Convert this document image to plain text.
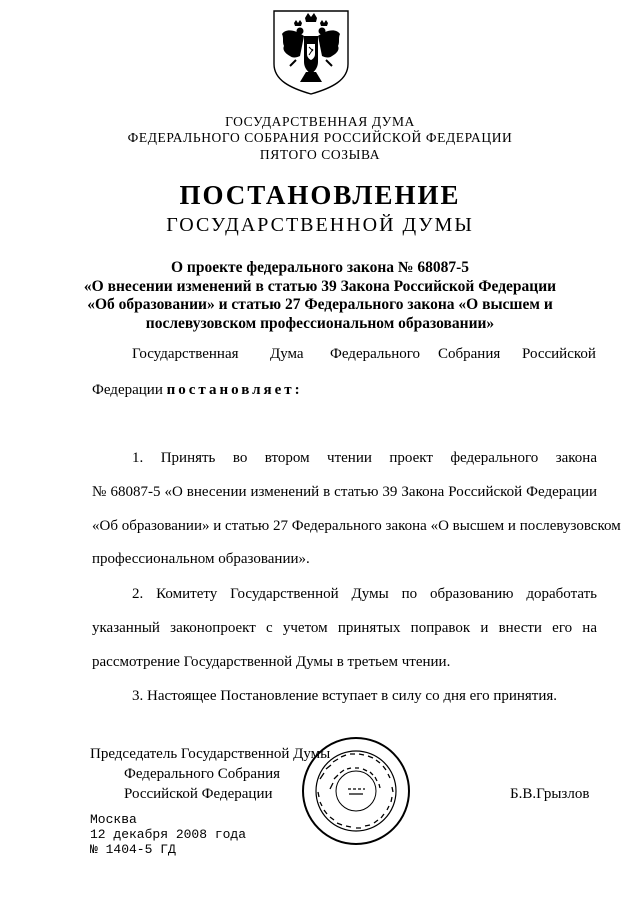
ГОСУДАРСТВЕННАЯ ДУМА
ФЕДЕРАЛЬНОГО СОБРАНИЯ РОССИЙСКОЙ ФЕДЕРАЦИИ
ПЯТОГО СОЗЫВА
ПОСТАНОВЛЕНИЕ
ГОСУДАРСТВЕННОЙ ДУМЫ
О проекте федерального закона № 68087-5
«О внесении изменений в статью 39 Закона Российской Федерации
«Об образовании» и статью 27 Федерального закона «О высшем и
послевузовском профессиональном образовании»
Государственная Дума Федерального Собрания Российской
Федерации постановляет:
1. Принять во втором чтении проект федерального закона
№ 68087-5 «О внесении изменений в статью 39 Закона Российской Федерации
«Об образовании» и статью 27 Федерального закона «О высшем и послевузовском
профессиональном образовании».
2. Комитету Государственной Думы по образованию доработать
указанный законопроект с учетом принятых поправок и внести его на
рассмотрение Государственной Думы в третьем чтении.
3. Настоящее Постановление вступает в силу со дня его принятия.
Председатель Государственной Думы
Федерального Собрания
Российской Федерации	Б.В.Грызлов
Москва
12 декабря 2008 года
№ 1404-5 ГД
